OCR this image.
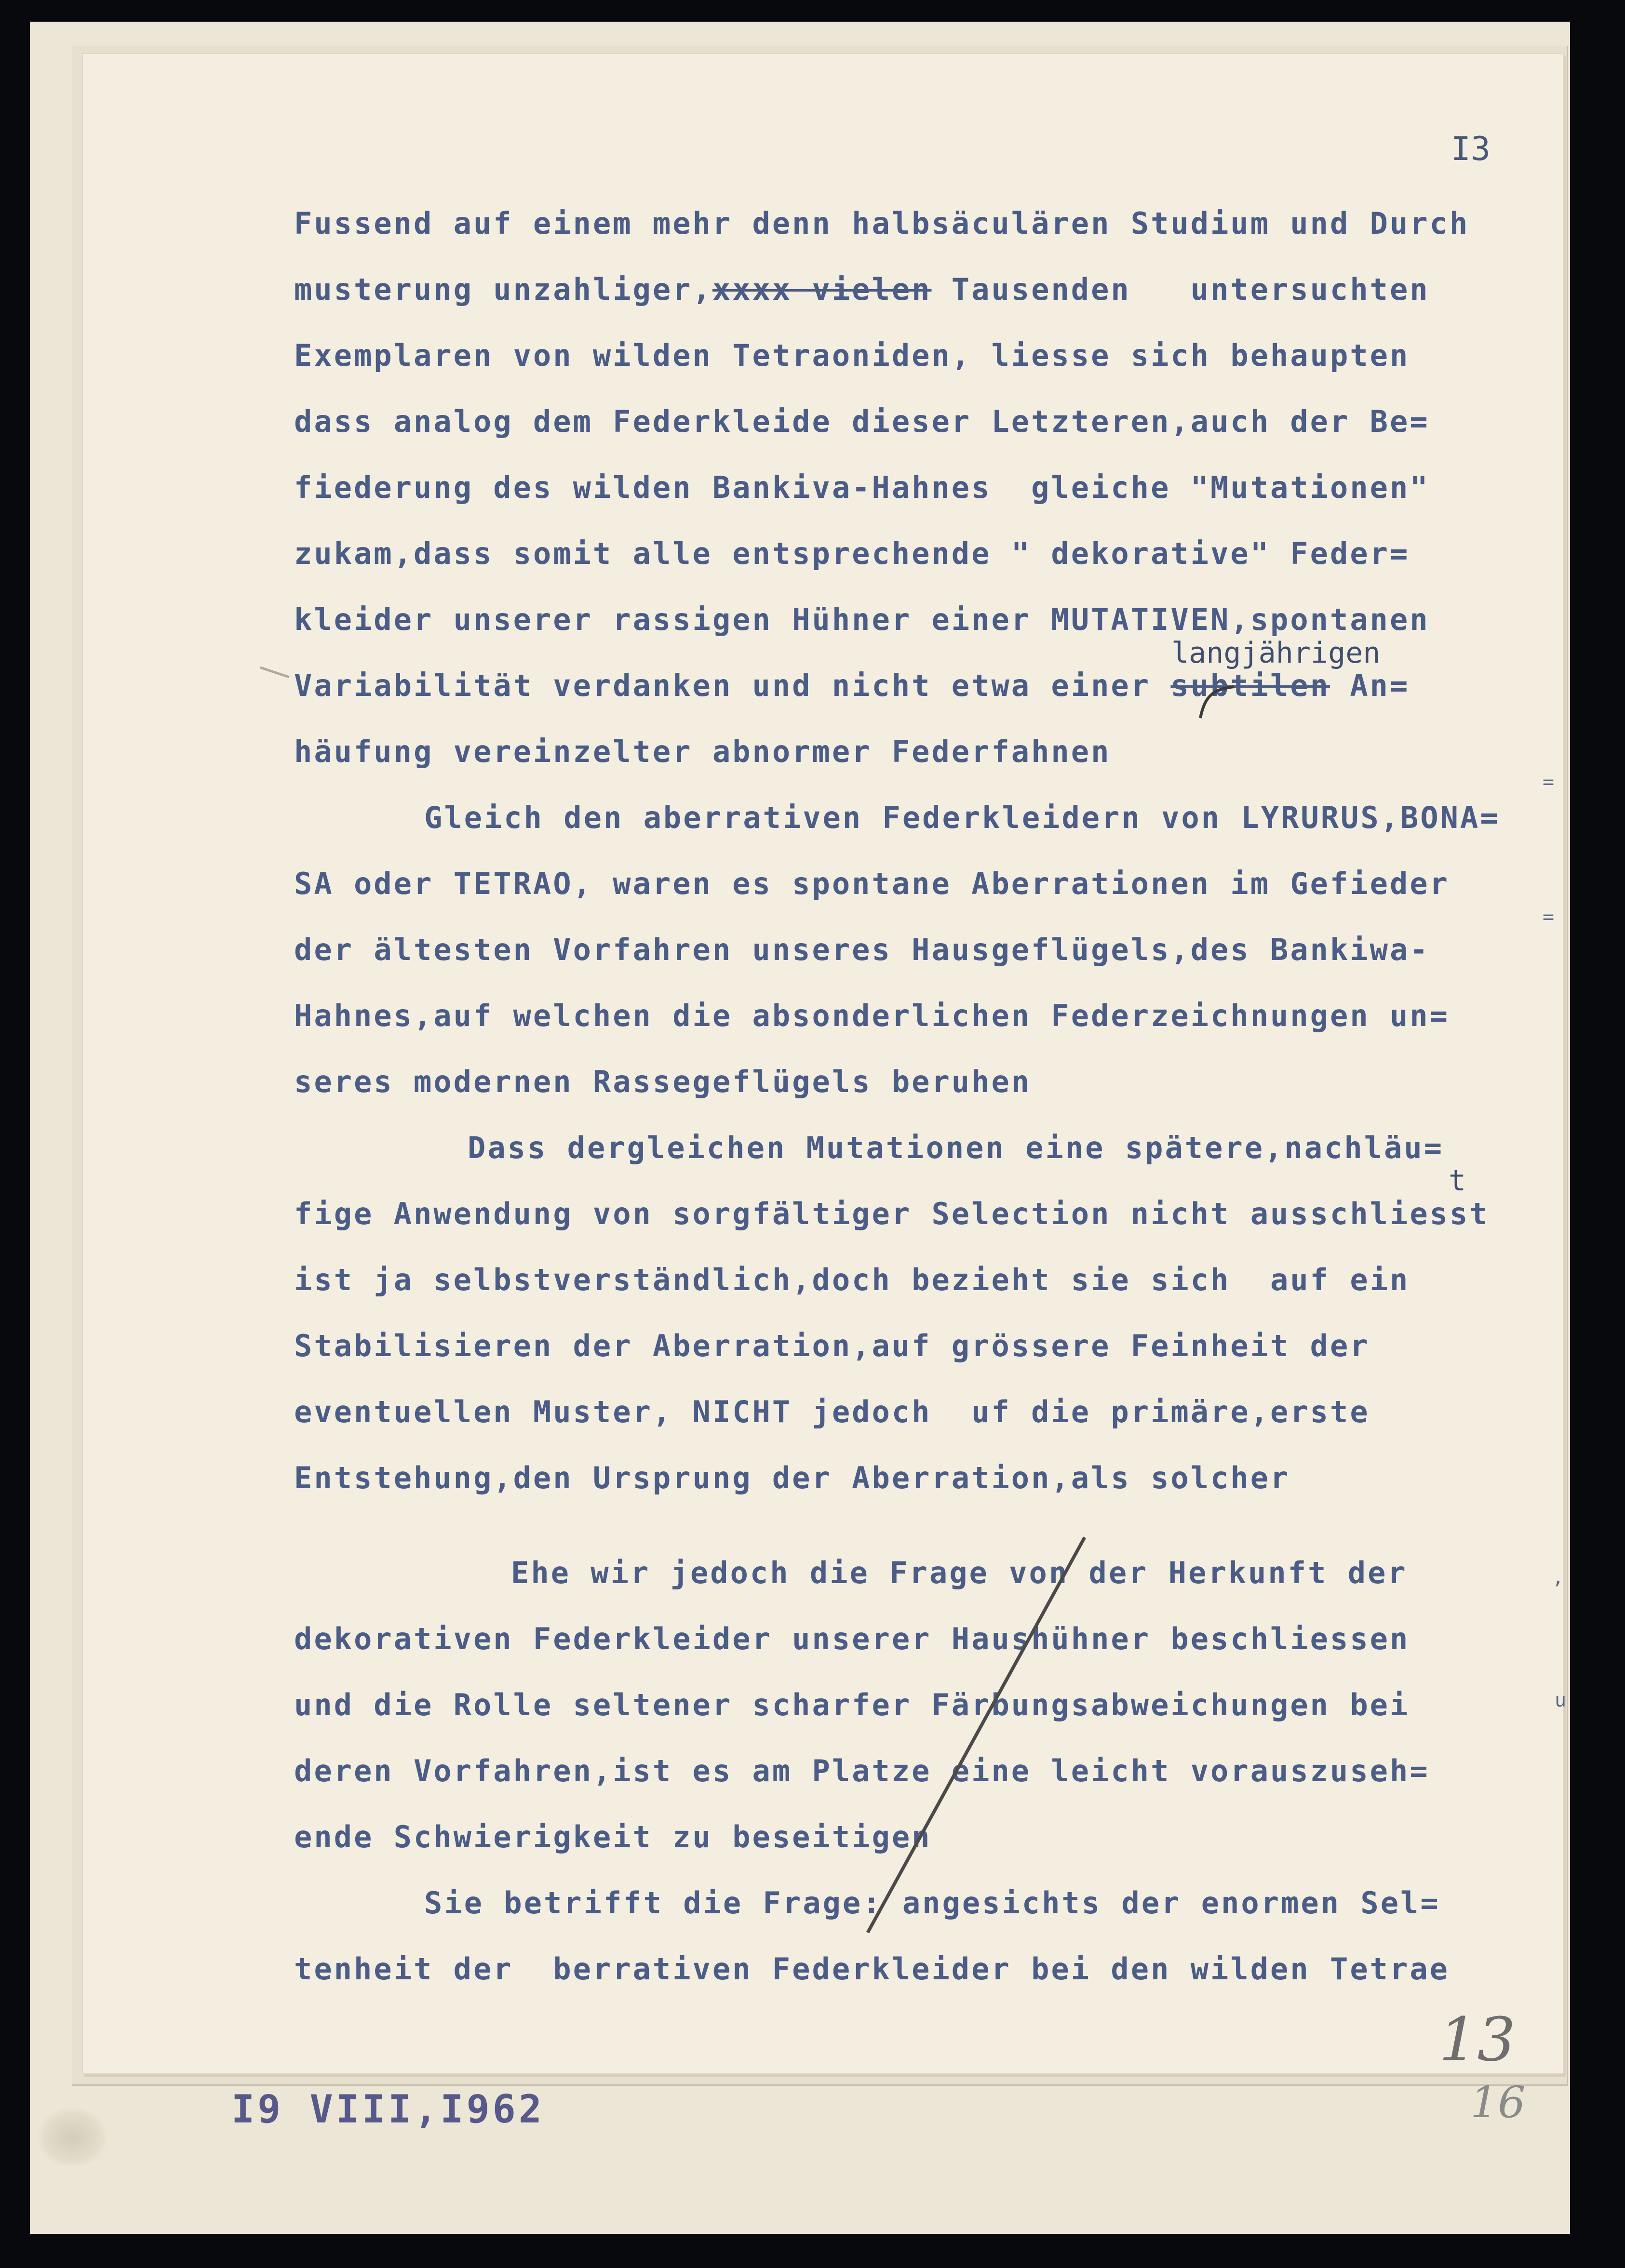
I3
Fussend auf einem mehr denn halbsäculären Studium und Durch
musterung unzahliger,xxxx vielen Tausenden   untersuchten
Exemplaren von wilden Tetraoniden, liesse sich behaupten
dass analog dem Federkleide dieser Letzteren,auch der Be=
fiederung des wilden Bankiva-Hahnes  gleiche "Mutationen"
zukam,dass somit alle entsprechende " dekorative" Feder=
kleider unserer rassigen Hühner einer MUTATIVEN,spontanen
Variabilität verdanken und nicht etwa einer subtilen An=
häufung vereinzelter abnormer Federfahnen
Gleich den aberrativen Federkleidern von LYRURUS,BONA=
SA oder TETRAO, waren es spontane Aberrationen im Gefieder
der ältesten Vorfahren unseres Hausgeflügels,des Bankiwa-
Hahnes,auf welchen die absonderlichen Federzeichnungen un=
seres modernen Rassegeflügels beruhen
Dass dergleichen Mutationen eine spätere,nachläu=
fige Anwendung von sorgfältiger Selection nicht ausschliesst
ist ja selbstverständlich,doch bezieht sie sich  auf ein
Stabilisieren der Aberration,auf grössere Feinheit der
eventuellen Muster, NICHT jedoch  uf die primäre,erste
Entstehung,den Ursprung der Aberration,als solcher
Ehe wir jedoch die Frage von der Herkunft der
dekorativen Federkleider unserer Haushühner beschliessen
und die Rolle seltener scharfer Färbungsabweichungen bei
deren Vorfahren,ist es am Platze eine leicht vorauszuseh=
ende Schwierigkeit zu beseitigen
Sie betrifft die Frage: angesichts der enormen Sel=
tenheit der  berrativen Federkleider bei den wilden Tetrae
langjährigen
t
=
=
,
u
13
16
I9 VIII,I962
